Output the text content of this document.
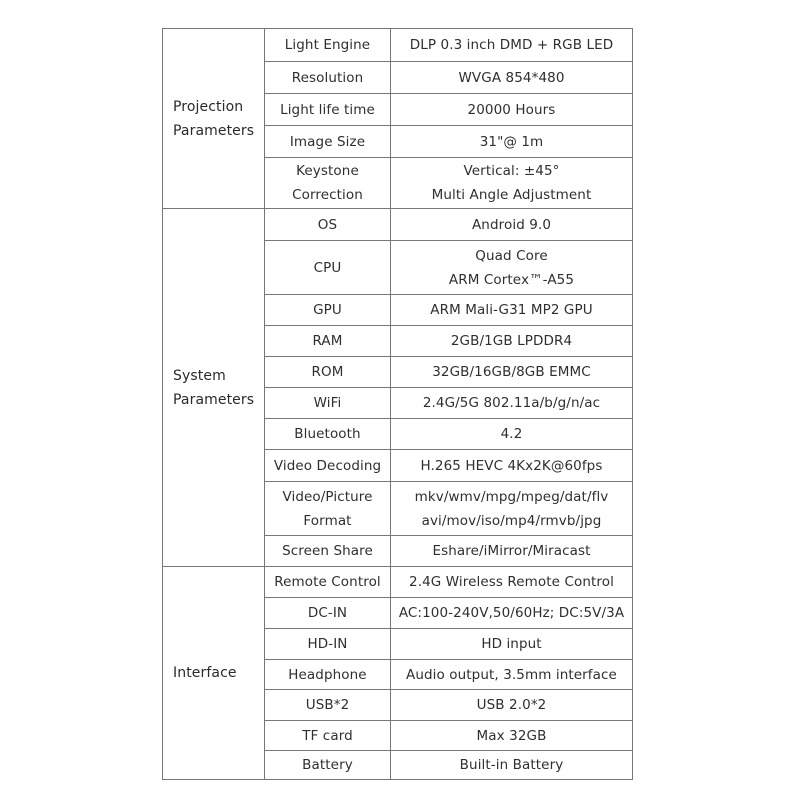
Projection
Parameters	Light Engine	DLP 0.3 inch DMD + RGB LED

	Resolution	WVGA 854*480

	Light life time	20000 Hours

	Image Size	31"@ 1m

	Keystone
Correction	Vertical: ±45°
Multi Angle Adjustment

System
Parameters	OS	Android 9.0

	CPU	Quad Core
ARM Cortex™-A55

	GPU	ARM Mali-G31 MP2 GPU

	RAM	2GB/1GB LPDDR4

	ROM	32GB/16GB/8GB EMMC

	WiFi	2.4G/5G 802.11a/b/g/n/ac

	Bluetooth	4.2

	Video Decoding	H.265 HEVC 4Kx2K@60fps

	Video/Picture
Format	mkv/wmv/mpg/mpeg/dat/flv
avi/mov/iso/mp4/rmvb/jpg

	Screen Share	Eshare/iMirror/Miracast

Interface	Remote Control	2.4G Wireless Remote Control

	DC-IN	AC:100-240V,50/60Hz; DC:5V/3A

	HD-IN	HD input

	Headphone	Audio output, 3.5mm interface

	USB*2	USB 2.0*2

	TF card	Max 32GB

	Battery	Built-in Battery
